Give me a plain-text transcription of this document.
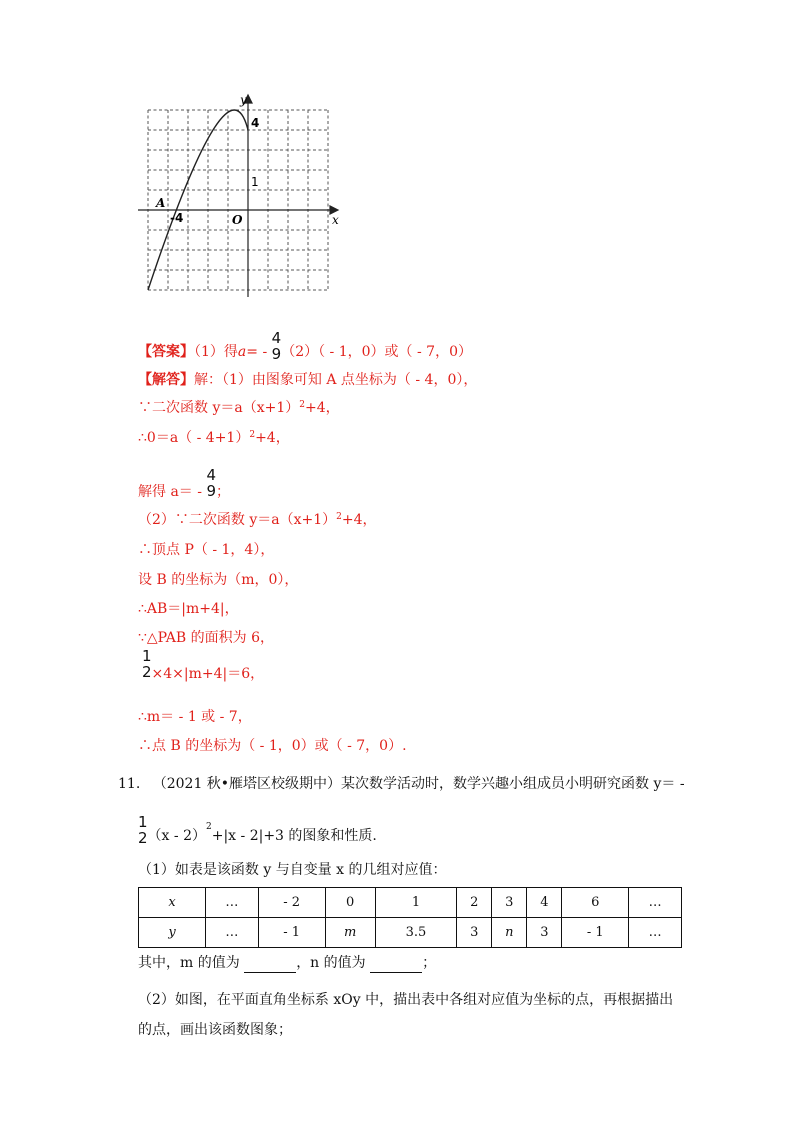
y
x
4
1
A
-4	O
【答案】（1）得a= -
4
9 （2）（ - 1，0）或（ - 7，0）
【解答】解：（1）由图象可知 A 点坐标为（ - 4，0），
∵二次函数 $y=a(x+1)^2+4$，
∴0＝a（ - 4+1）$^2$+4，
解得 a＝ -
4
9 ；
（2）∵二次函数 $y=a(x+1)^2+4$，
∴顶点 P（ - 1，4），
设 B 的坐标为（m，0），
∴AB＝|m+4|，
∵△PAB 的面积为 6，
1
2 ×4×|m+4|＝6，
∴m＝ - 1 或 - 7，
∴点 B 的坐标为（ - 1，0）或（ - 7，0）.
11. （2021 秋•雁塔区校级期中）某次数学活动时，数学兴趣小组成员小明研究函数 y＝ -
1
2 （x - 2）$^2$+|x - 2|+3 的图象和性质.
（1）如表是该函数 y 与自变量 x 的几组对应值：
x	…	- 2	0	1	2	3	4	6	…
y	…	- 1	m	3.5	3	n	3	- 1	…
其中，m 的值为	，n 的值为	；
（2）如图，在平面直角坐标系 xOy 中，描出表中各组对应值为坐标的点，再根据描出
的点，画出该函数图象；
